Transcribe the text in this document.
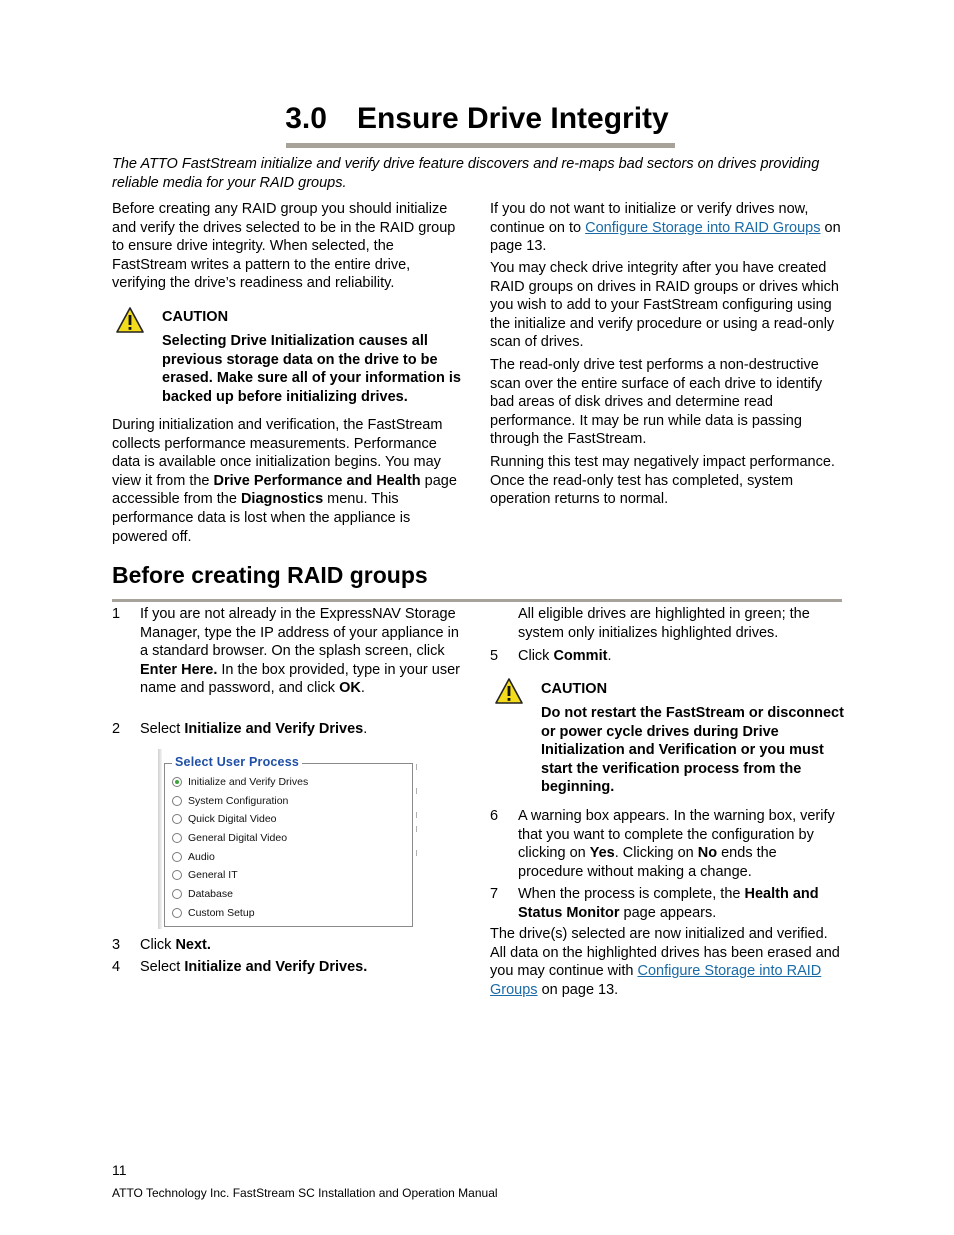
3.0 Ensure Drive Integrity

The ATTO FastStream initialize and verify drive feature discovers and re-maps bad sectors on drives providing reliable media for your RAID groups.

Before creating any RAID group you should initialize and verify the drives selected to be in the RAID group to ensure drive integrity. When selected, the FastStream writes a pattern to the entire drive, verifying the drive’s readiness and reliability.

CAUTION

Selecting Drive Initialization causes all previous storage data on the drive to be erased. Make sure all of your information is backed up before initializing drives.

During initialization and verification, the FastStream collects performance measurements. Performance data is available once initialization begins. You may view it from the Drive Performance and Health page accessible from the Diagnostics menu. This performance data is lost when the appliance is powered off.

If you do not want to initialize or verify drives now, continue on to Configure Storage into RAID Groups on page 13.

You may check drive integrity after you have created RAID groups on drives in RAID groups or drives which you wish to add to your FastStream configuring using the initialize and verify procedure or using a read-only scan of drives.

The read-only drive test performs a non-destructive scan over the entire surface of each drive to identify bad areas of disk drives and determine read performance. It may be run while data is passing through the FastStream.

Running this test may negatively impact performance. Once the read-only test has completed, system operation returns to normal.

Before creating RAID groups
1	If you are not already in the ExpressNAV Storage Manager, type the IP address of your appliance in a standard browser. On the splash screen, click Enter Here. In the box provided, type in your user name and password, and click OK.
2	Select Initialize and Verify Drives.
Select User Process
Initialize and Verify Drives
System Configuration
Quick Digital Video
General Digital Video
Audio
General IT
Database
Custom Setup
3	Click Next.
4	Select Initialize and Verify Drives.

All eligible drives are highlighted in green; the system only initializes highlighted drives.

5	Click Commit.

CAUTION

Do not restart the FastStream or disconnect or power cycle drives during Drive Initialization and Verification or you must start the verification process from the beginning.

6	A warning box appears. In the warning box, verify that you want to complete the configuration by clicking on Yes. Clicking on No ends the procedure without making a change.
7	When the process is complete, the Health and Status Monitor page appears.

The drive(s) selected are now initialized and verified. All data on the highlighted drives has been erased and you may continue with Configure Storage into RAID Groups on page 13.

11
ATTO Technology Inc. FastStream SC Installation and Operation Manual
